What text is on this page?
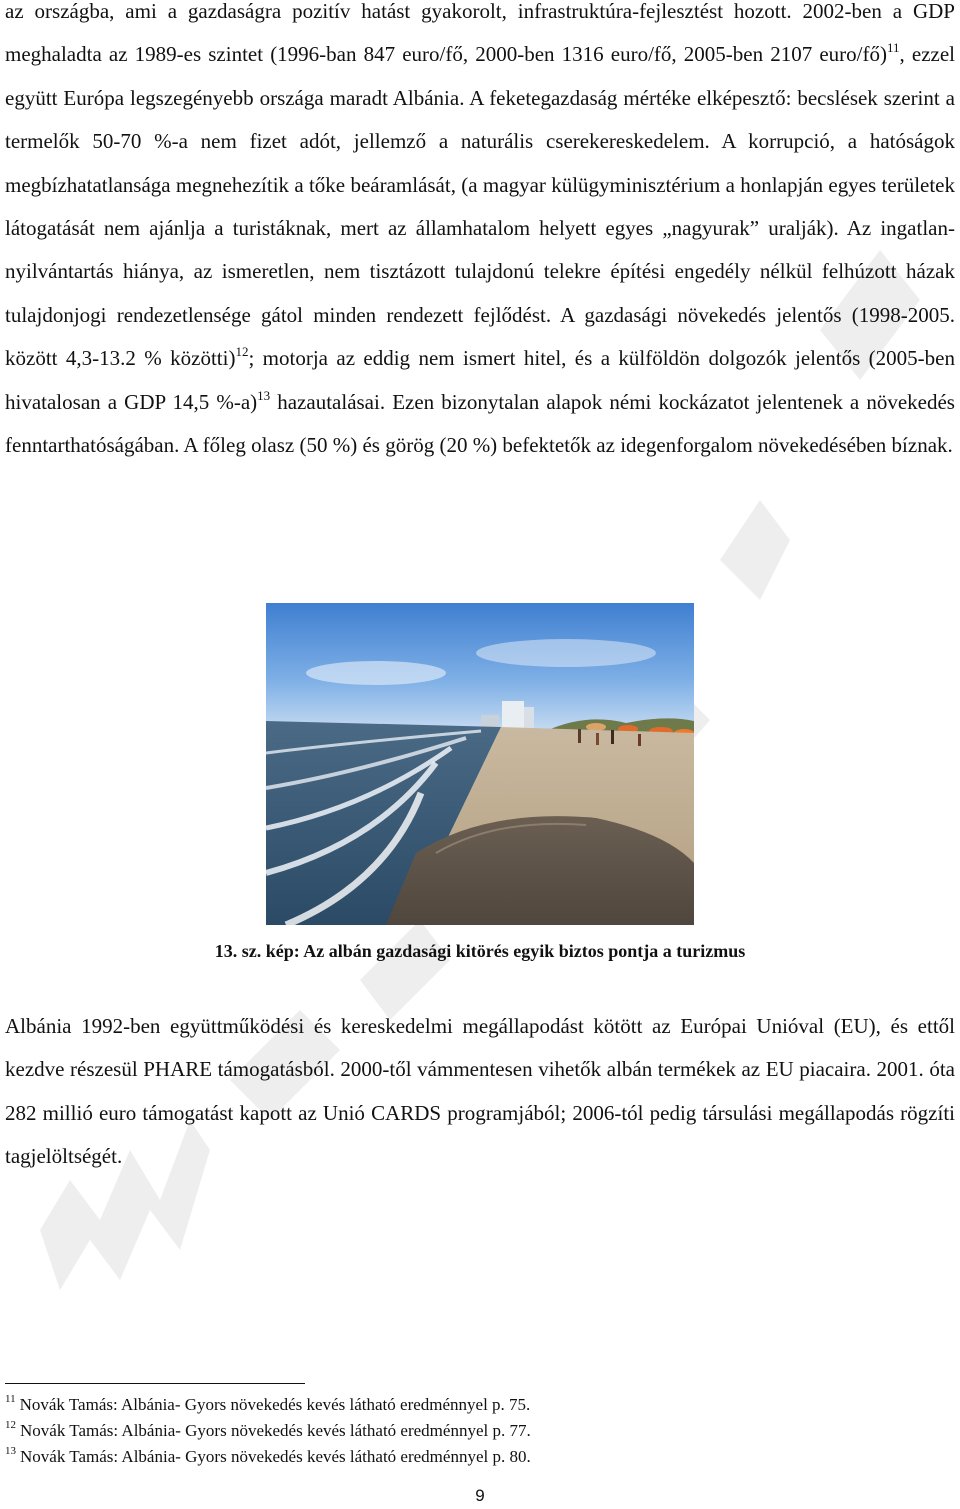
az országba, ami a gazdaságra pozitív hatást gyakorolt, infrastruktúra-fejlesztést hozott. 2002-ben a GDP meghaladta az 1989-es szintet (1996-ban 847 euro/fő, 2000-ben 1316 euro/fő, 2005-ben 2107 euro/fő)$^{11}$, ezzel együtt Európa legszegényebb országa maradt Albánia. A feketegazdaság mértéke elképesztő: becslések szerint a termelők 50-70 %-a nem fizet adót, jellemző a naturális cserekereskedelem. A korrupció, a hatóságok megbízhatatlansága megnehezítik a tőke beáramlását, (a magyar külügyminisztérium a honlapján egyes területek látogatását nem ajánlja a turistáknak, mert az államhatalom helyett egyes „nagyurak” uralják). Az ingatlan-nyilvántartás hiánya, az ismeretlen, nem tisztázott tulajdonú telekre építési engedély nélkül felhúzott házak tulajdonjogi rendezetlensége gátol minden rendezett fejlődést. A gazdasági növekedés jelentős (1998-2005. között 4,3-13.2 % közötti)$^{12}$; motorja az eddig nem ismert hitel, és a külföldön dolgozók jelentős (2005-ben hivatalosan a GDP 14,5 %-a)$^{13}$ hazautalásai. Ezen bizonytalan alapok némi kockázatot jelentenek a növekedés fenntarthatóságában. A főleg olasz (50 %) és görög (20 %) befektetők az idegenforgalom növekedésében bíznak.

13. sz. kép: Az albán gazdasági kitörés egyik biztos pontja a turizmus

Albánia 1992-ben együttműködési és kereskedelmi megállapodást kötött az Európai Unióval (EU), és ettől kezdve részesül PHARE támogatásból. 2000-től vámmentesen vihetők albán termékek az EU piacaira. 2001. óta 282 millió euro támogatást kapott az Unió CARDS programjából; 2006-tól pedig társulási megállapodás rögzíti tagjelöltségét.

$^{11}$ Novák Tamás: Albánia- Gyors növekedés kevés látható eredménnyel p. 75.
$^{12}$ Novák Tamás: Albánia- Gyors növekedés kevés látható eredménnyel p. 77.
$^{13}$ Novák Tamás: Albánia- Gyors növekedés kevés látható eredménnyel p. 80.
9
